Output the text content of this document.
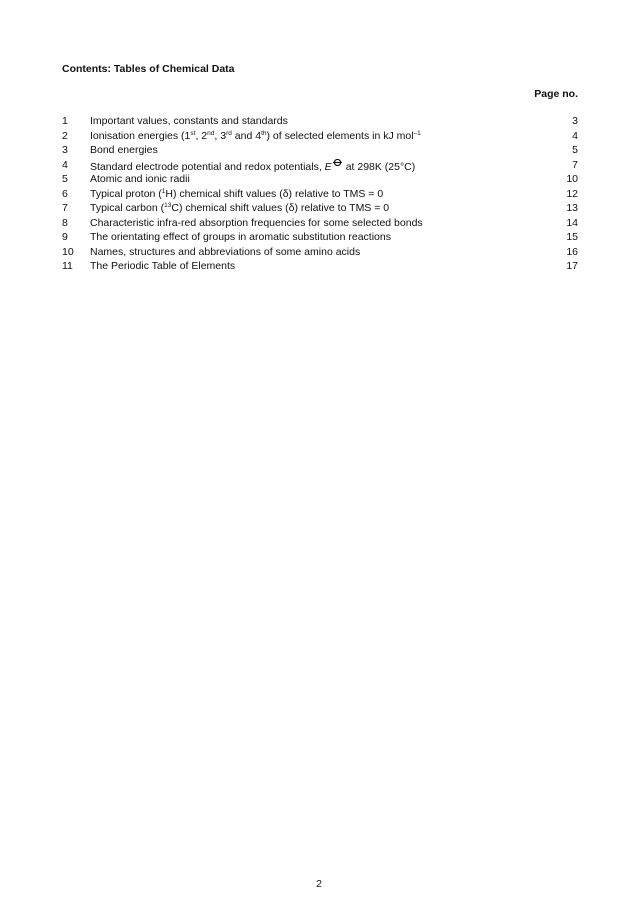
Contents: Tables of Chemical Data
Page no.
1 Important values, constants and standards	3
2 Ionisation energies (1st, 2nd, 3rd and 4th) of selected elements in kJ mol$^{-1}$	4
3 Bond energies	5
4 Standard electrode potential and redox potentials, E at 298K (25°C)	7
5 Atomic and ionic radii	10
6 Typical proton ($^1$H) chemical shift values (δ) relative to TMS = 0	12
7 Typical carbon ($^{13}$C) chemical shift values (δ) relative to TMS = 0	13
8 Characteristic infra-red absorption frequencies for some selected bonds	14
9 The orientating effect of groups in aromatic substitution reactions	15
10 Names, structures and abbreviations of some amino acids	16
11 The Periodic Table of Elements	17
2
